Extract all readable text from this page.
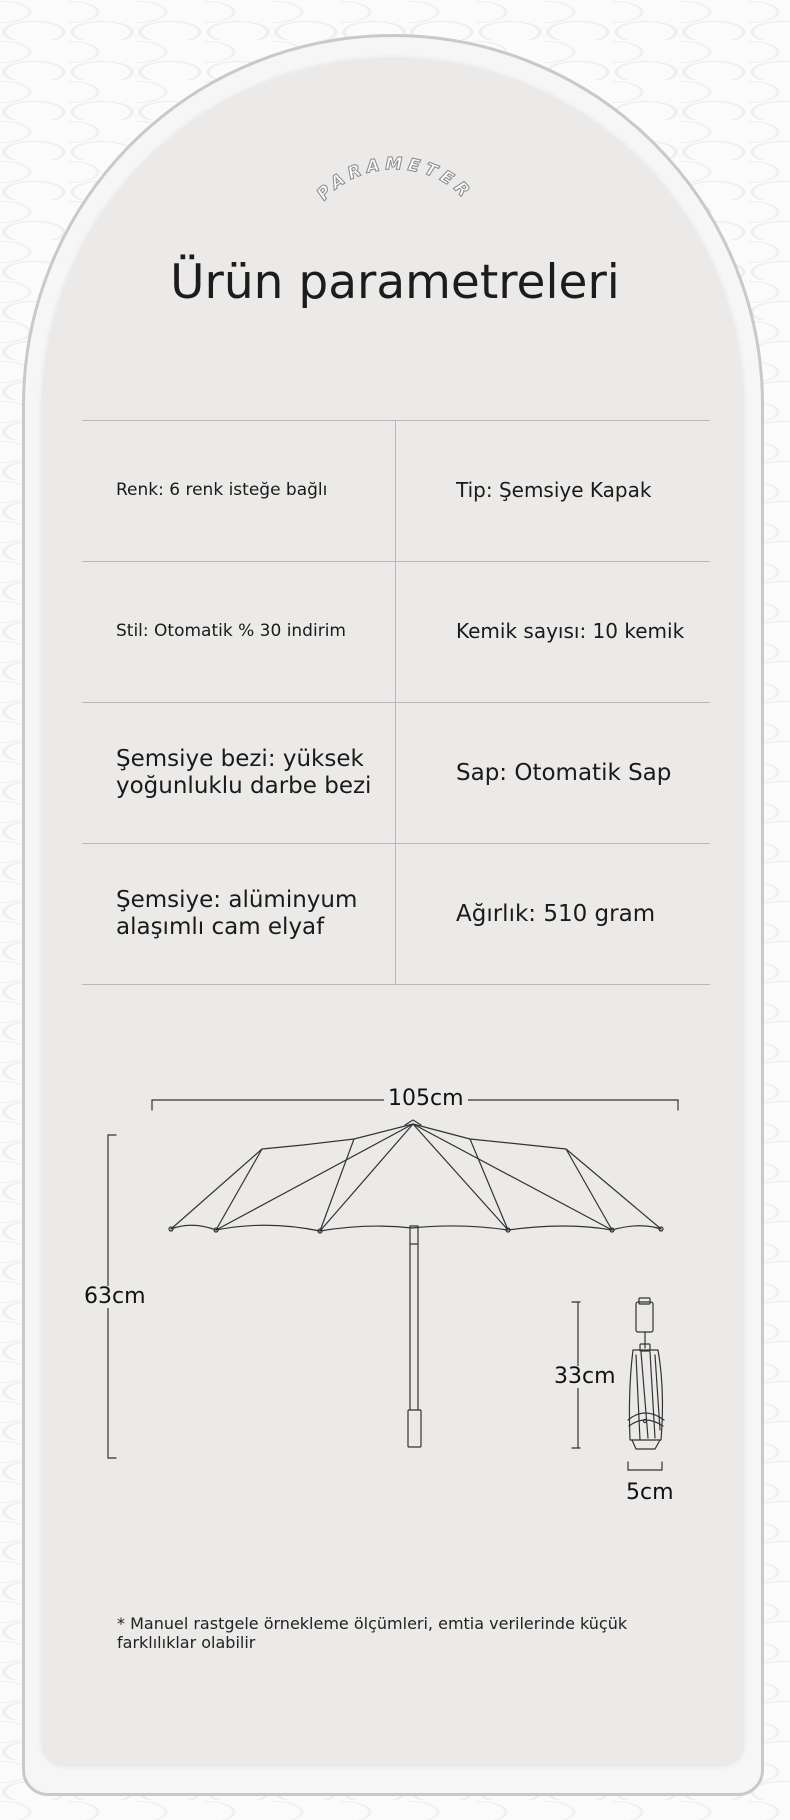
PARAMETER
Ürün parametreleri
Renk: 6 renk isteğe bağlı	Tip: Şemsiye Kapak
Stil: Otomatik % 30 indirim	Kemik sayısı: 10 kemik
Şemsiye bezi: yüksek
yoğunluklu darbe bezi
Sap: Otomatik Sap
Şemsiye: alüminyum
alaşımlı cam elyaf
Ağırlık: 510 gram
105cm
63cm
33cm
5cm

* Manuel rastgele örnekleme ölçümleri, emtia verilerinde küçük farklılıklar olabilir
